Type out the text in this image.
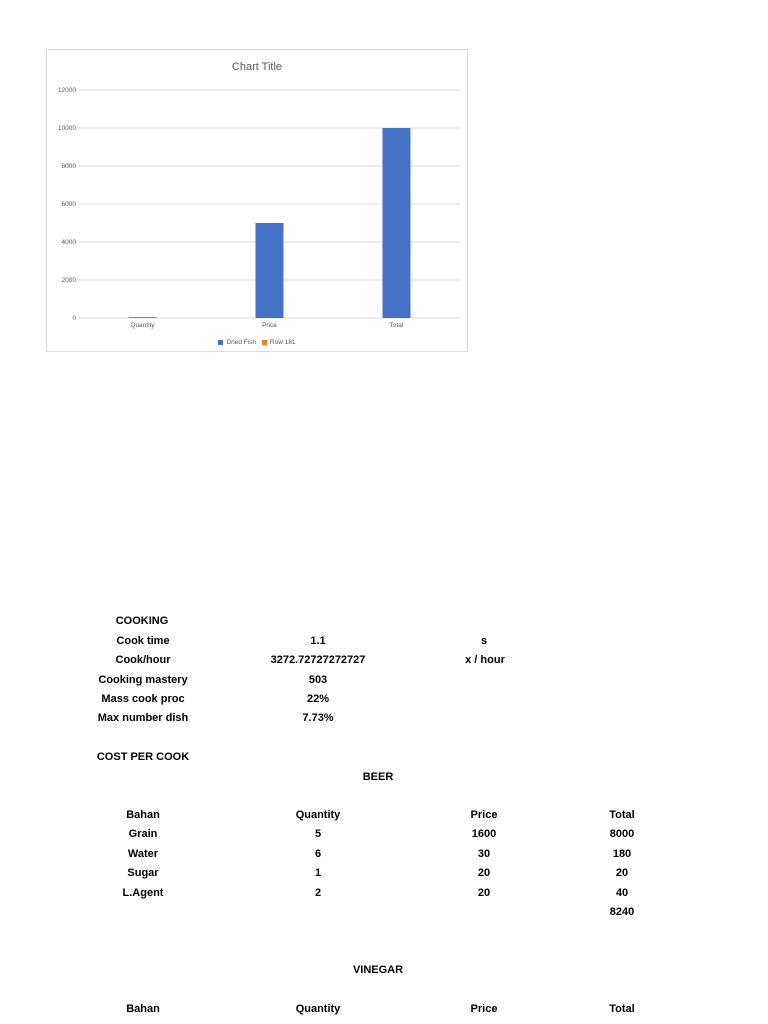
0
2000
4000
6000
8000
10000
12000
Quantity	Price	Total
Chart Title
Dried Fish
Row 181
COOKING
Cook time	1.1	s
Cook/hour	3272.72727272727	x / hour
Cooking mastery	503
Mass cook proc	22%
Max number dish	7.73%
COST PER COOK
BEER
Bahan	Quantity	Price	Total
Grain	5	1600	8000
Water	6	30	180
Sugar	1	20	20
L.Agent	2	20	40
8240
VINEGAR
Bahan	Quantity	Price	Total
